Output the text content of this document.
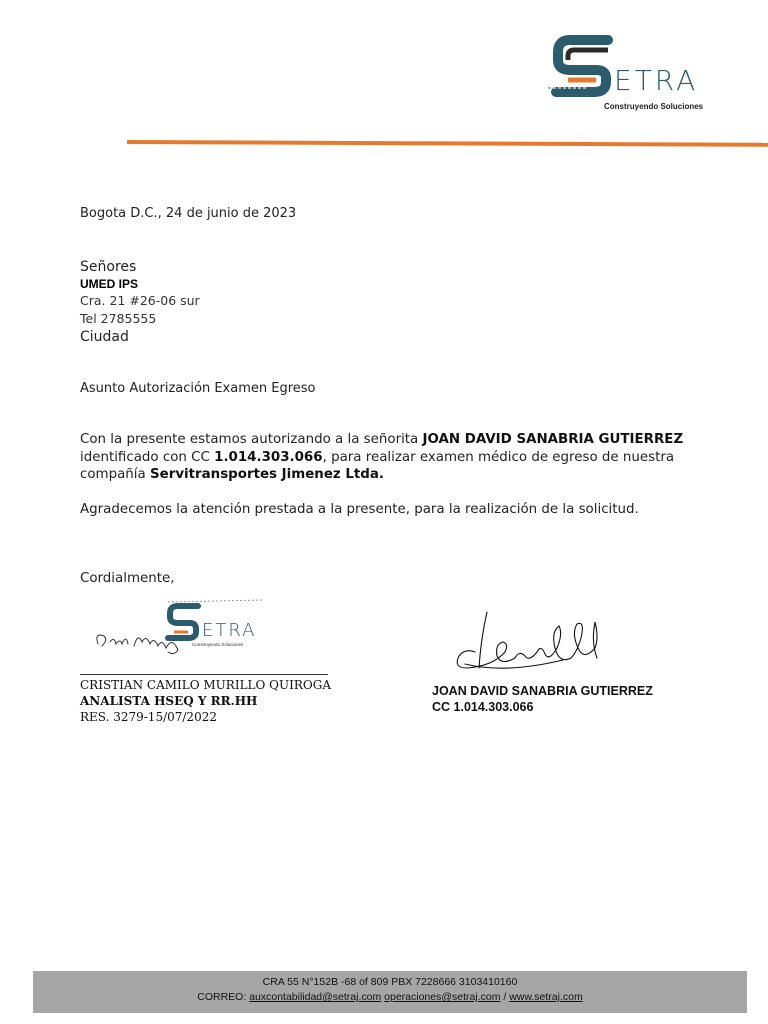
ETRA
Construyendo Soluciones
Bogota D.C., 24 de junio de 2023
Señores
UMED IPS
Cra. 21 #26-06 sur
Tel 2785555
Ciudad
Asunto Autorización Examen Egreso
Con la presente estamos autorizando a la señorita JOAN DAVID SANABRIA GUTIERREZ identificado con CC 1.014.303.066, para realizar examen médico de egreso de nuestra compañía Servitransportes Jimenez Ltda.
Agradecemos la atención prestada a la presente, para la realización de la solicitud.
Cordialmente,
ETRA
Construyendo Soluciones
CRISTIAN CAMILO MURILLO QUIROGA
ANALISTA HSEQ Y RR.HH
RES. 3279-15/07/2022
JOAN DAVID SANABRIA GUTIERREZ
CC 1.014.303.066
CRA 55 N°152B -68 of 809 PBX 7228666 3103410160
CORREO: auxcontabilidad@setraj.com operaciones@setraj.com / www.setraj.com
